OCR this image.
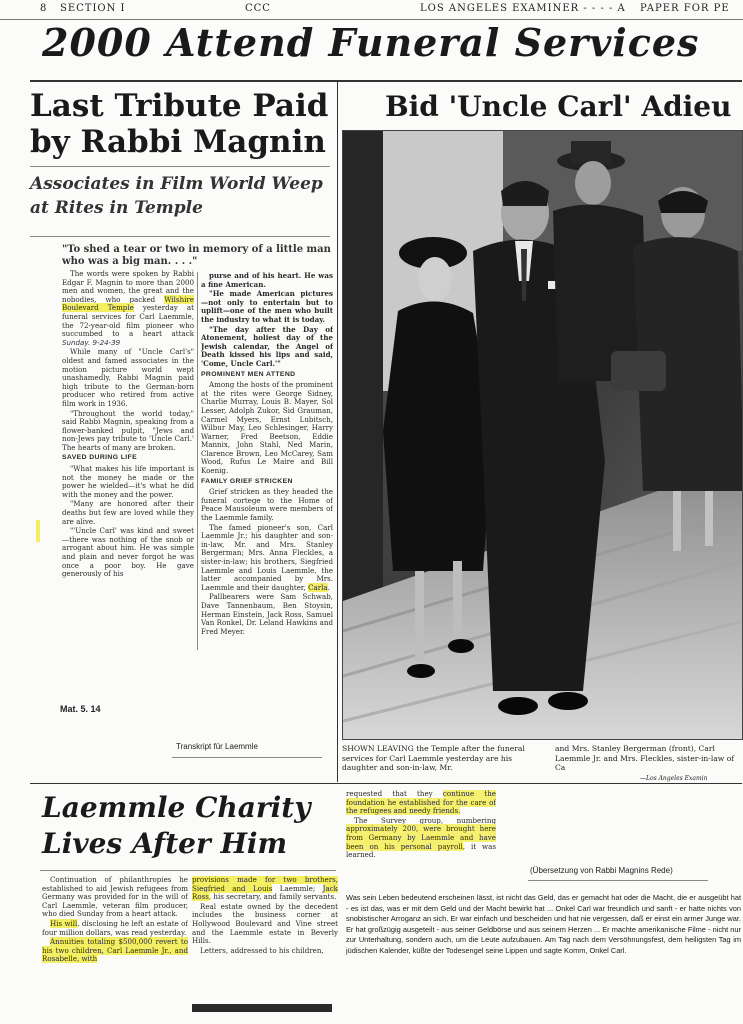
8 SECTION I	CCC	LOS ANGELES EXAMINER - - - - A PAPER FOR PE
2000 Attend Funeral Services
Last Tribute Paid by Rabbi Magnin
Associates in Film World Weep at Rites in Temple
"To shed a tear or two in memory of a little man who was a big man. . . ."

The words were spoken by Rabbi Edgar F. Magnin to more than 2000 men and women, the great and the nobodies, who packed Wilshire Boulevard Temple yesterday at funeral services for Carl Laemmle, the 72-year-old film pioneer who succumbed to a heart attack Sunday. 9-24-39

While many of "Uncle Carl's" oldest and famed associates in the motion picture world wept unashamedly, Rabbi Magnin paid high tribute to the German-born producer who retired from active film work in 1936.

"Throughout the world today," said Rabbi Magnin, speaking from a flower-banked pulpit, "Jews and non-Jews pay tribute to 'Uncle Carl.' The hearts of many are broken.

SAVED DURING LIFE

"What makes his life important is not the money he made or the power he wielded—it's what he did with the money and the power.

"Many are honored after their deaths but few are loved while they are alive.

"'Uncle Carl' was kind and sweet—there was nothing of the snob or arrogant about him. He was simple and plain and never forgot he was once a poor boy. He gave generously of his

purse and of his heart. He was a fine American.

"He made American pictures —not only to entertain but to uplift—one of the men who built the industry to what it is today.

"The day after the Day of Atonement, holiest day of the Jewish calendar, the Angel of Death kissed his lips and said, 'Come, Uncle Carl.'"

PROMINENT MEN ATTEND

Among the hosts of the prominent at the rites were George Sidney, Charlie Murray, Louis B. Mayer, Sol Lesser, Adolph Zukor, Sid Grauman, Carmel Myers, Ernst Lubitsch, Wilbur May, Leo Schlesinger, Harry Warner, Fred Beetson, Eddie Mannix, John Stahl, Ned Marin, Clarence Brown, Leo McCarey, Sam Wood, Rufus Le Maire and Bill Koenig.

FAMILY GRIEF STRICKEN

Grief stricken as they headed the funeral cortege to the Home of Peace Mausoleum were members of the Laemmle family.

The famed pioneer's son, Carl Laemmle Jr.; his daughter and son-in-law, Mr. and Mrs. Stanley Bergerman; Mrs. Anna Fleckles, a sister-in-law; his brothers, Siegfried Laemmle and Louis Laemmle, the latter accompanied by Mrs. Laemmle and their daughter, Carla.

Pallbearers were Sam Schwab, Dave Tannenbaum, Ben Stoysin, Herman Einstein, Jack Ross, Samuel Van Ronkel, Dr. Leland Hawkins and Fred Meyer.

Mat. 5. 14
Transkript für Laemmle
Bid 'Uncle Carl' Adieu
SHOWN LEAVING the Temple after the funeral services for Carl Laemmle yesterday are his daughter and son-in-law, Mr.
and Mrs. Stanley Bergerman (front), Carl Laemmle Jr. and Mrs. Fleckles, sister-in-law of Ca
—Los Angeles Examin
Laemmle Charity Lives After Him

Continuation of philanthropies he established to aid Jewish refugees from Germany was provided for in the will of Carl Laemmle, veteran film producer, who died Sunday from a heart attack.

His will, disclosing he left an estate of four million dollars, was read yesterday.

Annuities totaling $500,000 revert to his two children, Carl Laemmle Jr., and Rosabelle, with

provisions made for two brothers, Siegfried and Louis Laemmle; Jack Ross, his secretary, and family servants.

Real estate owned by the decedent includes the business corner at Hollywood Boulevard and Vine street and the Laemmle estate in Beverly Hills.

Letters, addressed to his children,

requested that they continue the foundation he established for the care of the refugees and needy friends.

The Survey group, numbering approximately 200, were brought here from Germany by Laemmle and have been on his personal payroll, it was learned.

(Übersetzung von Rabbi Magnins Rede)
Was sein Leben bedeutend erscheinen lässt, ist nicht das Geld, das er gemacht hat oder die Macht, die er ausgeübt hat - es ist das, was er mit dem Geld und der Macht bewirkt hat ... Onkel Carl war freundlich und sanft - er hatte nichts von snobistischer Arroganz an sich. Er war einfach und bescheiden und hat nie vergessen, daß er einst ein armer Junge war. Er hat großzügig ausgeteilt - aus seiner Geldbörse und aus seinem Herzen ... Er machte amerikanische Filme - nicht nur zur Unterhaltung, sondern auch, um die Leute aufzubauen. Am Tag nach dem Versöhnungsfest, dem heiligsten Tag im jüdischen Kalender, küßte der Todesengel seine Lippen und sagte Komm, Onkel Carl.
